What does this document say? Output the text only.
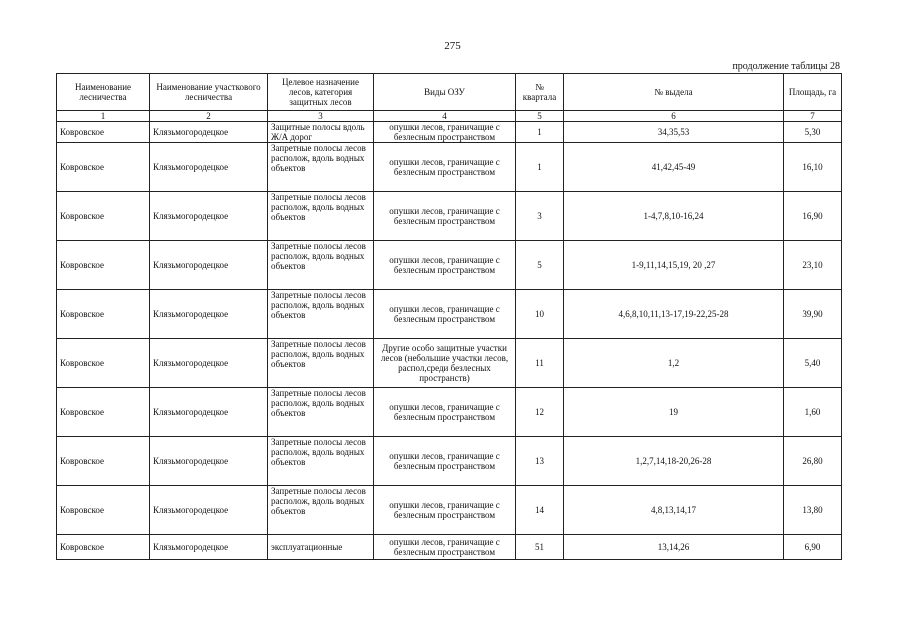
275
продолжение таблицы 28
Наименование лесничества	Наименование участкового лесничества	Целевое назначение лесов, категория защитных лесов	Виды ОЗУ	№ квартала	№ выдела	Площадь, га
1	2	3	4	5	6	7
Ковровское	Клязьмогородецкое	Защитные полосы вдоль Ж/А дорог	опушки лесов, граничащие с безлесным пространством	1	34,35,53	5,30
Ковровское	Клязьмогородецкое	Запретные полосы лесов располож, вдоль водных объектов	опушки лесов, граничащие с безлесным пространством	1	41,42,45-49	16,10
Ковровское	Клязьмогородецкое	Запретные полосы лесов располож, вдоль водных объектов	опушки лесов, граничащие с безлесным пространством	3	1-4,7,8,10-16,24	16,90
Ковровское	Клязьмогородецкое	Запретные полосы лесов располож, вдоль водных объектов	опушки лесов, граничащие с безлесным пространством	5	1-9,11,14,15,19, 20 ,27	23,10
Ковровское	Клязьмогородецкое	Запретные полосы лесов располож, вдоль водных объектов	опушки лесов, граничащие с безлесным пространством	10	4,6,8,10,11,13-17,19-22,25-28	39,90
Ковровское	Клязьмогородецкое	Запретные полосы лесов располож, вдоль водных объектов	Другие особо защитные участки лесов (небольшие участки лесов, распол,среди безлесных пространств)	11	1,2	5,40
Ковровское	Клязьмогородецкое	Запретные полосы лесов располож, вдоль водных объектов	опушки лесов, граничащие с безлесным пространством	12	19	1,60
Ковровское	Клязьмогородецкое	Запретные полосы лесов располож, вдоль водных объектов	опушки лесов, граничащие с безлесным пространством	13	1,2,7,14,18-20,26-28	26,80
Ковровское	Клязьмогородецкое	Запретные полосы лесов располож, вдоль водных объектов	опушки лесов, граничащие с безлесным пространством	14	4,8,13,14,17	13,80
Ковровское	Клязьмогородецкое	эксплуатационные	опушки лесов, граничащие с безлесным пространством	51	13,14,26	6,90
